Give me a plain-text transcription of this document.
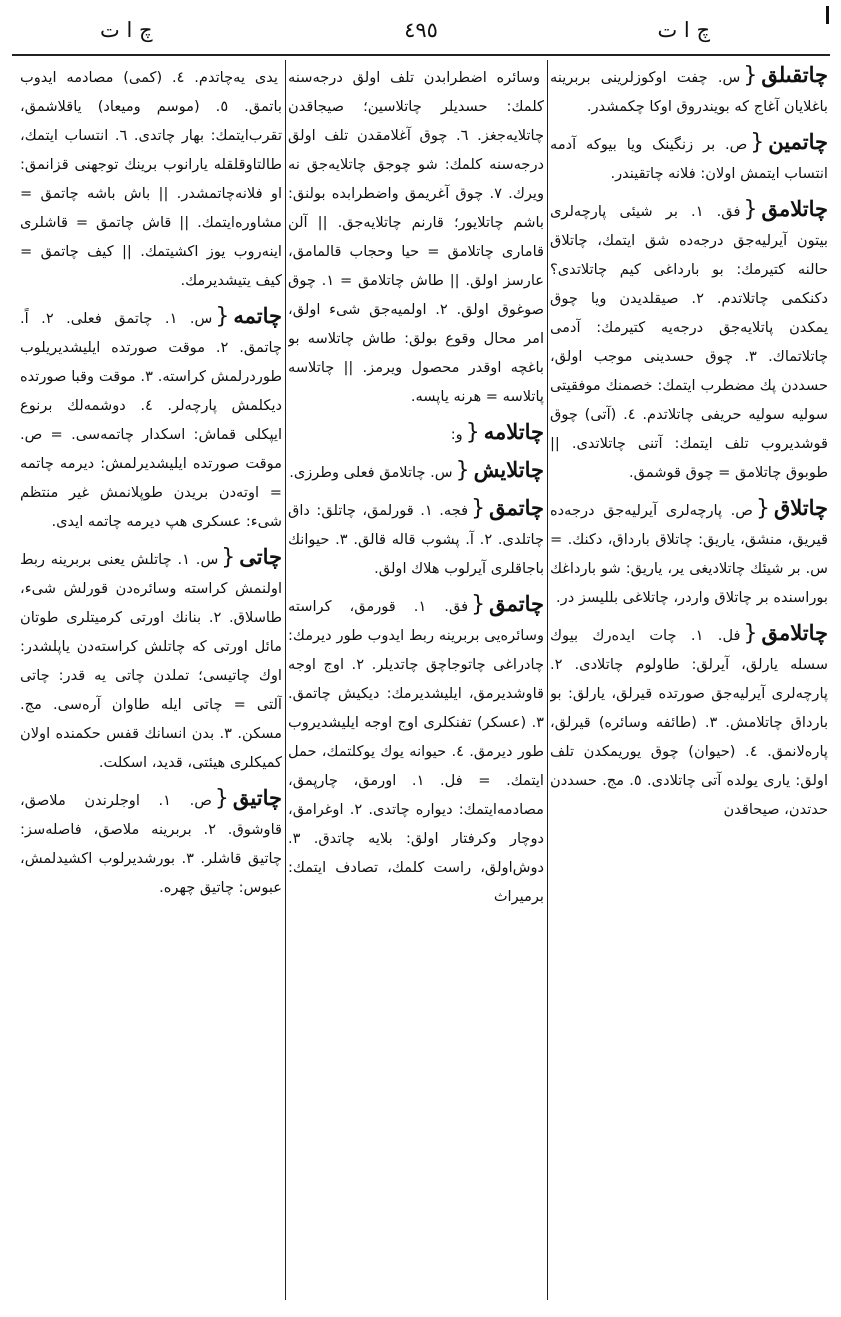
چ ا ت	٤٩٥	چ ا ت

چاتقىلق{س. چفت اوکوزلرینى بربرینه باغلایان آغاج که بویندروق اوکا چکمشدر.

چاتمین{ص. بر زنگینک ویا بیوکه آدمه انتساب ایتمش اولان: فلانه چاتقیندر.

چاتلامق{فق. ١. بر شیئی پارچه‌لری بیتون آیرلیه‌جق درجه‌ده شق ایتمك، چاتلاق حالنه کتیرمك: بو بارداغی کیم چاتلاتدی؟ دکنکمی چاتلاتدم. ٢. صیقلدیدن ویا چوق یمکدن پاتلایه‌جق درجه‌یه کتیرمك: آدمی چاتلاتماك. ٣. چوق حسدینی موجب اولق، حسددن پك مضطرب ایتمك: خصمنك موفقیتی سولیه سولیه حریفی چاتلاتدم. ٤. (آتی) چوق قوشدیروب تلف ایتمك: آتنی چاتلاتدی. || طوبوق چاتلامق = چوق قوشمق.

چاتلاق{ص. پارچه‌لری آیرلیه‌جق درجه‌ده قیریق، منشق، یاریق: چاتلاق بارداق، دکنك. = س. بر شیئك چاتلادیغی یر، یاریق: شو بارداغك بوراسنده بر چاتلاق واردر، چاتلاغی بللیسز در.

چاتلامق{فل. ١. چات ایده‌رك بیوك سسله یارلق، آیرلق: طاولوم چاتلادی. ٢. پارچه‌لری آیرلیه‌جق صورتده قیرلق، یارلق: بو بارداق چاتلامش. ٣. (طائفه وسائره) قیرلق، پاره‌لانمق. ٤. (حیوان) چوق یوریمکدن تلف اولق: یاری یولده آتی چاتلادی. ٥. مج. حسددن حدتدن، صیحاقدن

وسائره اضطرابدن تلف اولق درجه‌سنه کلمك: حسدیلر چاتلاسین؛ صیجاقدن چاتلایه‌جغز. ٦. چوق آغلامقدن تلف اولق درجه‌سنه کلمك: شو چوجق چاتلایه‌جق نه ویرك. ٧. چوق آغریمق واضطرابده بولنق: باشم چاتلایور؛ قارنم چاتلایه‌جق. || آلن قاماری چاتلامق = حیا وحجاب قالمامق، عارسز اولق. || طاش چاتلامق = ١. چوق صوغوق اولق. ٢. اولمیه‌جق شیء اولق، امر محال وقوع بولق: طاش چاتلاسه بو باغچه اوقدر محصول ویرمز. || چاتلاسه پاتلاسه = هرنه یاپسه.

چاتلامه{و:

چاتلایش{س. چاتلامق فعلی وطرزی.

چاتمق{فجه. ١. قورلمق، چاتلق: داق چاتلدی. ٢. آ. پشوب قاله قالق. ٣. حیوانك باجاقلری آیرلوب هلاك اولق.

چاتمق{فق. ١. قورمق، کراسته وسائره‌یی بربرینه ربط ایدوب طور دیرمك: چادراغی چاتوجاچق چاتدیلر. ٢. اوج اوجه قاوشدیرمق، ایلیشدیرمك: دیکیش چاتمق. ٣. (عسکر) تفنکلری اوج اوجه ایلیشدیروب طور دیرمق. ٤. حیوانه یوك یوکلتمك، حمل ایتمك. = فل. ١. اورمق، چارپمق، مصادمه‌ایتمك: دیواره چاتدی. ٢. اوغرامق، دوچار وکرفتار اولق: بلایه چاتدق. ٣. دوش‌اولق، راست کلمك، تصادف ایتمك: برمیراث

یدی یه‌چاتدم. ٤. (کمی) مصادمه ایدوب باتمق. ٥. (موسم ومیعاد) یاقلاشمق، تقرب‌ایتمك: بهار چاتدی. ٦. انتساب ایتمك، طالتاوقلقله یارانوب برینك توجهنی قزانمق: او فلانه‌چاتمشدر. || باش باشه چاتمق = مشاوره‌ایتمك. || قاش چاتمق = قاشلری اینه‌روب یوز اکشیتمك. || کیف چاتمق = کیف یتیشدیرمك.

چاتمه{س. ١. چاتمق فعلی. ٢. اً. چاتمق. ٢. موقت صورتده ایلیشدیریلوب طوردرلمش کراسته. ٣. موقت وقبا صورتده دیکلمش پارچه‌لر. ٤. دوشمه‌لك برنوع ایپکلی قماش: اسکدار چاتمه‌سی. = ص. موقت صورتده ایلیشدیرلمش: دیرمه چاتمه = اوته‌دن بریدن طوپلانمش غیر منتظم شیء: عسکری هپ دیرمه چاتمه ایدی.

چاتی{س. ١. چاتلش یعنی بربرینه ربط اولنمش کراسته وسائره‌دن قورلش شیء، طاسلاق. ٢. بنانك اورتی کرمیتلری طوتان مائل اورتی که چاتلش کراسته‌دن یاپلشدر: اوك چاتیسی؛ تملدن چاتی یه قدر: چاتی آلتی = چاتی ایله طاوان آره‌سی. مج. مسکن. ٣. بدن انسانك قفس حکمنده اولان کمیکلری هیئتی، قدید، اسکلت.

چاتیق{ص. ١. اوجلرندن ملاصق، قاوشوق. ٢. بربرینه ملاصق، فاصله‌سز: چاتیق قاشلر. ٣. بورشدیرلوب اکشیدلمش، عبوس: چاتیق چهره.
